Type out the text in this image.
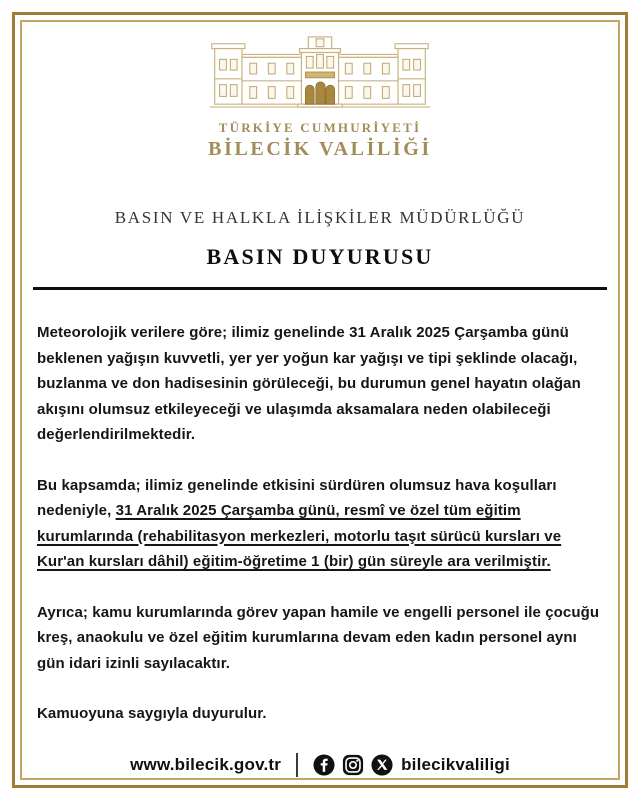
TÜRKİYE CUMHURİYETİ
BİLECİK VALİLİĞİ
BASIN VE HALKLA İLİŞKİLER MÜDÜRLÜĞÜ
BASIN DUYURUSU

Meteorolojik verilere göre; ilimiz genelinde 31 Aralık 2025 Çarşamba günü beklenen yağışın kuvvetli, yer yer yoğun kar yağışı ve tipi şeklinde olacağı, buzlanma ve don hadisesinin görüleceği, bu durumun genel hayatın olağan akışını olumsuz etkileyeceği ve ulaşımda aksamalara neden olabileceği değerlendirilmektedir.

Bu kapsamda; ilimiz genelinde etkisini sürdüren olumsuz hava koşulları nedeniyle, 31 Aralık 2025 Çarşamba günü, resmî ve özel tüm eğitim kurumlarında (rehabilitasyon merkezleri, motorlu taşıt sürücü kursları ve Kur'an kursları dâhil) eğitim-öğretime 1 (bir) gün süreyle ara verilmiştir.

Ayrıca; kamu kurumlarında görev yapan hamile ve engelli personel ile çocuğu kreş, anaokulu ve özel eğitim kurumlarına devam eden kadın personel aynı gün idari izinli sayılacaktır.

Kamuoyuna saygıyla duyurulur.

www.bilecik.gov.tr	bilecikvaliligi
